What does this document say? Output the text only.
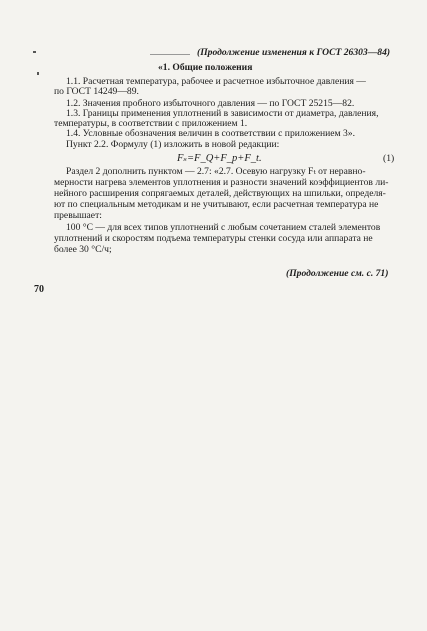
(Продолжение изменения к ГОСТ 26303—84)
«1. Общие положения
1.1. Расчетная температура, рабочее и расчетное избыточное давления —
по ГОСТ 14249—89.
1.2. Значения пробного избыточного давления — по ГОСТ 25215—82.
1.3. Границы применения уплотнений в зависимости от диаметра, давления,
температуры, в соответствии с приложением 1.
1.4. Условные обозначения величин в соответствии с приложением 3».
Пункт 2.2. Формулу (1) изложить в новой редакции:
Fₛ=F_Q+F_p+F_t.	(1)
Раздел 2 дополнить пунктом — 2.7: «2.7. Осевую нагрузку Fₜ от неравно-
мерности нагрева элементов уплотнения и разности значений коэффициентов ли-
нейного расширения сопрягаемых деталей, действующих на шпильки, определя-
ют по специальным методикам и не учитывают, если расчетная температура не
превышает:
100 °C — для всех типов уплотнений с любым сочетанием сталей элементов
уплотнений и скоростям подъема температуры стенки сосуда или аппарата не
более 30 °C/ч;
(Продолжение см. с. 71)
70
